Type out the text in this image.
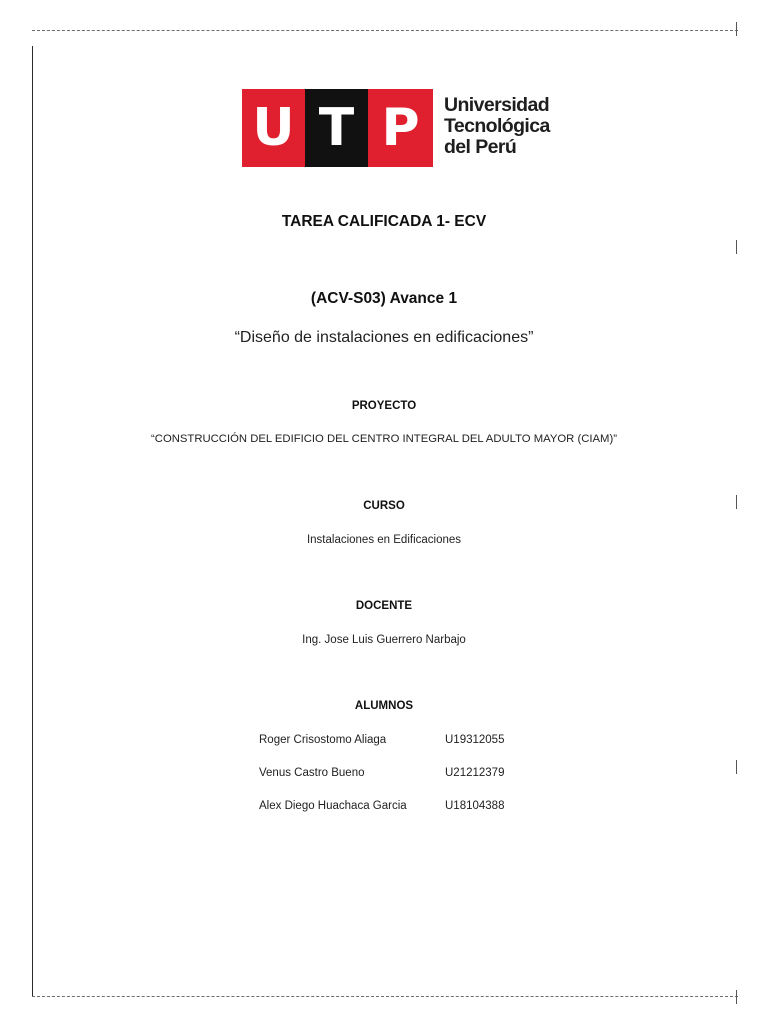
U T P Universidad
Tecnológica
del Perú
TAREA CALIFICADA 1- ECV
(ACV-S03) Avance 1
“Diseño de instalaciones en edificaciones”
PROYECTO
“CONSTRUCCIÓN DEL EDIFICIO DEL CENTRO INTEGRAL DEL ADULTO MAYOR (CIAM)”
CURSO
Instalaciones en Edificaciones
DOCENTE
Ing. Jose Luis Guerrero Narbajo
ALUMNOS
Roger Crisostomo Aliaga	U19312055
Venus Castro Bueno	U21212379
Alex Diego Huachaca Garcia	U18104388
